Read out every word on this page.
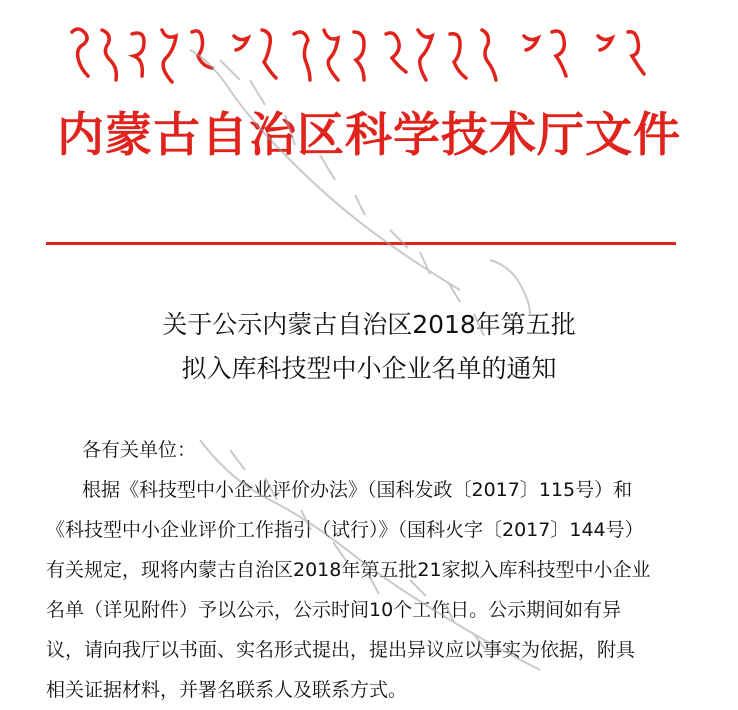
内蒙古自治区科学技术厅文件
关于公示内蒙古自治区2018年第五批
拟入库科技型中小企业名单的通知

各有关单位：

根据《科技型中小企业评价办法》（国科发政〔2017〕115号）和

《科技型中小企业评价工作指引（试行）》（国科火字〔2017〕144号）

有关规定，现将内蒙古自治区2018年第五批21家拟入库科技型中小企业

名单（详见附件）予以公示，公示时间10个工作日。公示期间如有异

议，请向我厅以书面、实名形式提出，提出异议应以事实为依据，附具

相关证据材料，并署名联系人及联系方式。
